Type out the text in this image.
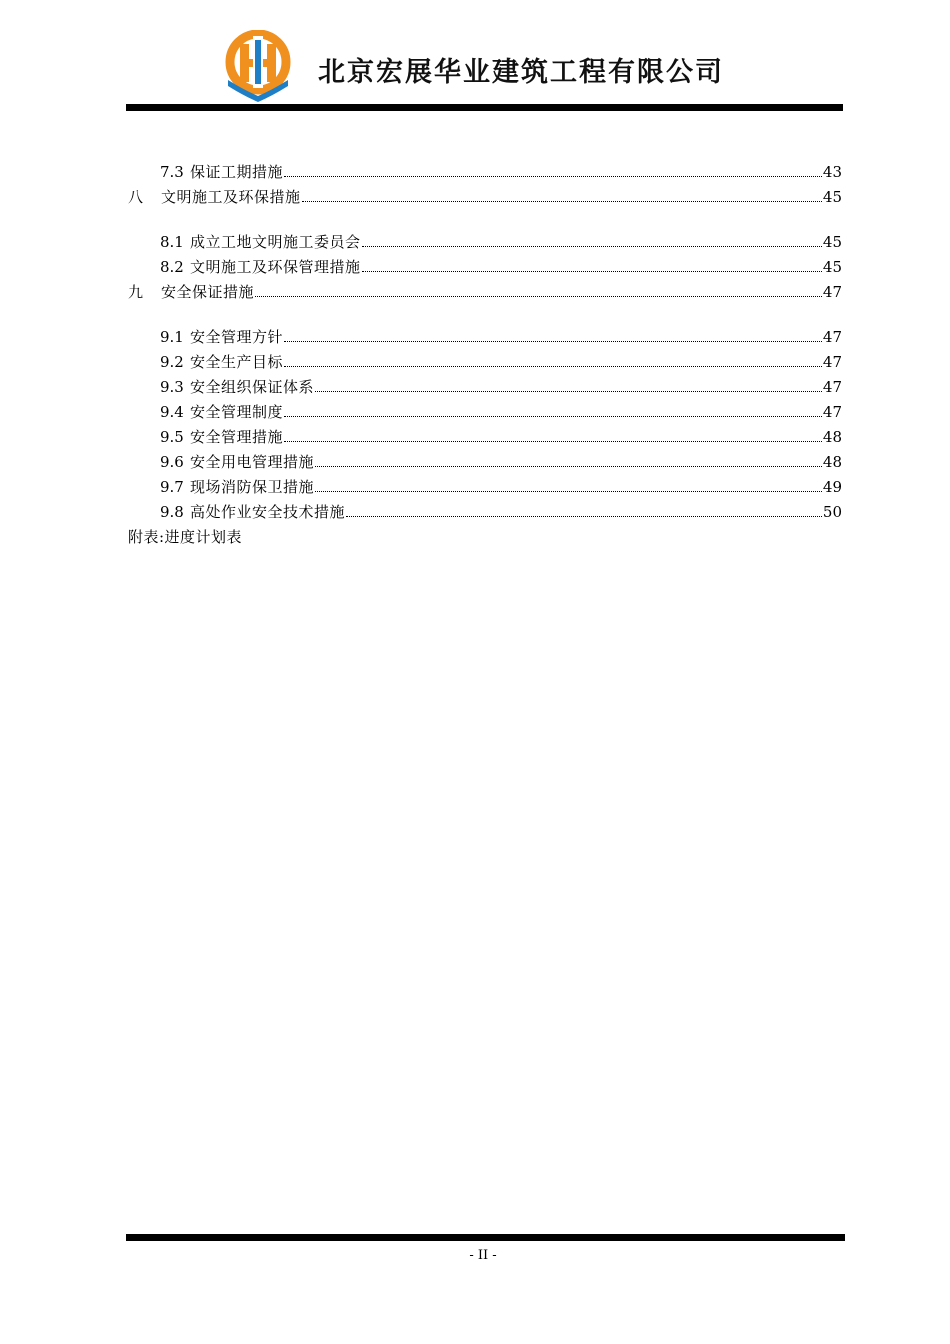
北京宏展华业建筑工程有限公司
7.3 保证工期措施	43
八	文明施工及环保措施	45
8.1 成立工地文明施工委员会	45
8.2 文明施工及环保管理措施	45
九	安全保证措施	47
9.1 安全管理方针	47
9.2 安全生产目标	47
9.3 安全组织保证体系	47
9.4 安全管理制度	47
9.5 安全管理措施	48
9.6 安全用电管理措施	48
9.7 现场消防保卫措施	49
9.8 高处作业安全技术措施	50
附表:进度计划表
- II -
